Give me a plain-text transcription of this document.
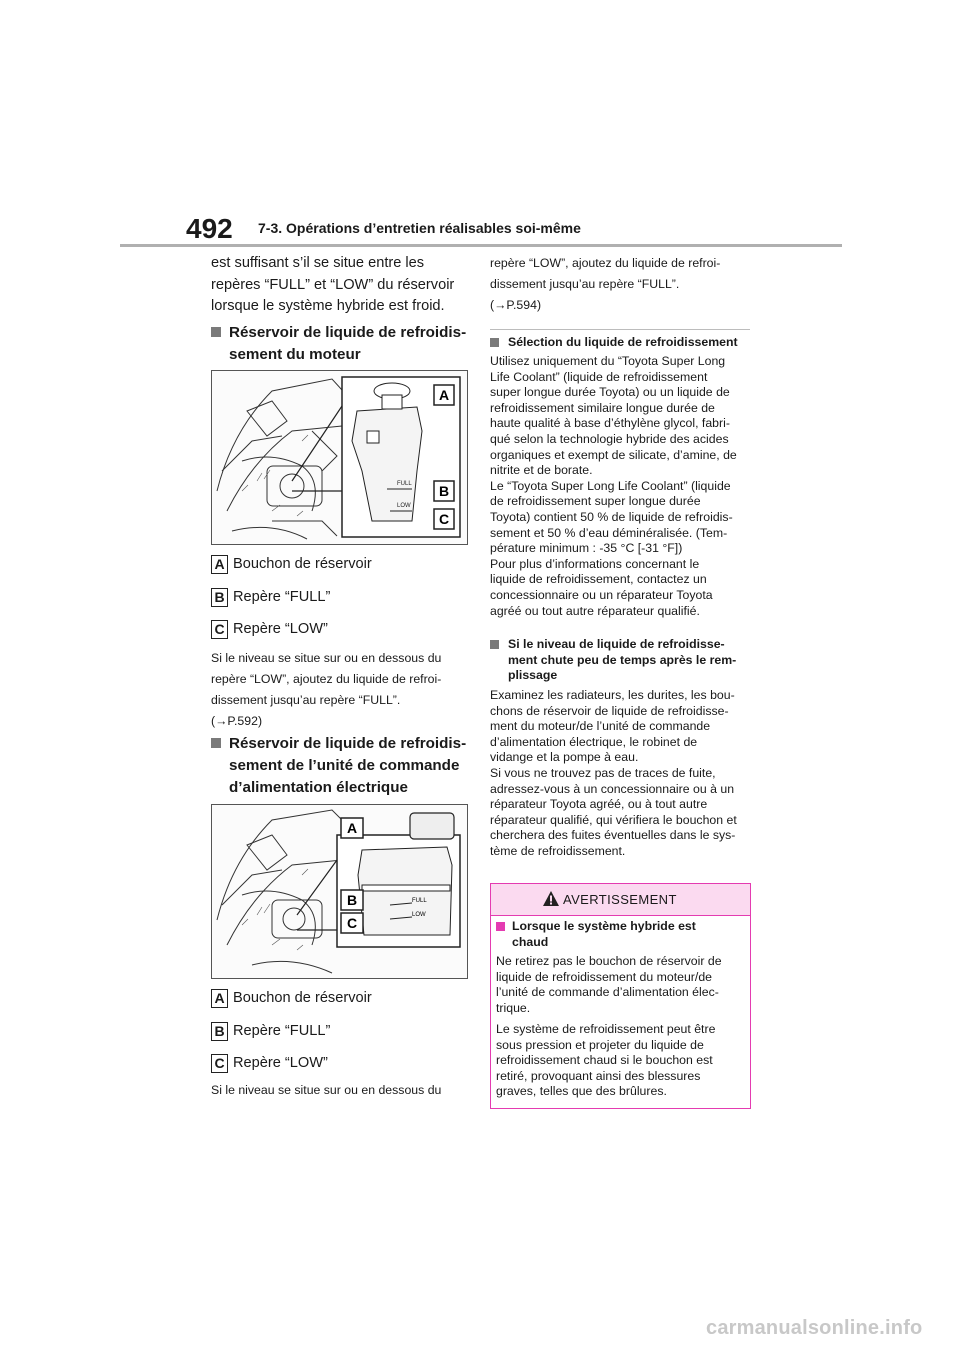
492 7-3. Opérations d’entretien réalisables soi-même
est suffisant s’il se situe entre les
repères “FULL” et “LOW” du réservoir
lorsque le système hybride est froid.
Réservoir de liquide de refroidis-
sement du moteur
FULL
LOW
A
B
C
A Bouchon de réservoir
B Repère “FULL”
C Repère “LOW”
Si le niveau se situe sur ou en dessous du
repère “LOW”, ajoutez du liquide de refroi-
dissement jusqu’au repère “FULL”.
(→P.592)
Réservoir de liquide de refroidis-
sement de l’unité de commande
d’alimentation électrique
FULL
LOW
A
B
C
A Bouchon de réservoir
B Repère “FULL”
C Repère “LOW”
Si le niveau se situe sur ou en dessous du
repère “LOW”, ajoutez du liquide de refroi-
dissement jusqu’au repère “FULL”.
(→P.594)
Sélection du liquide de refroidissement
Utilisez uniquement du “Toyota Super Long
Life Coolant” (liquide de refroidissement
super longue durée Toyota) ou un liquide de
refroidissement similaire longue durée de
haute qualité à base d’éthylène glycol, fabri-
qué selon la technologie hybride des acides
organiques et exempt de silicate, d’amine, de
nitrite et de borate.
Le “Toyota Super Long Life Coolant” (liquide
de refroidissement super longue durée
Toyota) contient 50 % de liquide de refroidis-
sement et 50 % d’eau déminéralisée. (Tem-
pérature minimum : -35 °C [-31 °F])
Pour plus d’informations concernant le
liquide de refroidissement, contactez un
concessionnaire ou un réparateur Toyota
agréé ou tout autre réparateur qualifié.
Si le niveau de liquide de refroidisse-
ment chute peu de temps après le rem-
plissage
Examinez les radiateurs, les durites, les bou-
chons de réservoir de liquide de refroidisse-
ment du moteur/de l’unité de commande
d’alimentation électrique, le robinet de
vidange et la pompe à eau.
Si vous ne trouvez pas de traces de fuite,
adressez-vous à un concessionnaire ou à un
réparateur Toyota agréé, ou à tout autre
réparateur qualifié, qui vérifiera le bouchon et
cherchera des fuites éventuelles dans le sys-
tème de refroidissement.
AVERTISSEMENT
Lorsque le système hybride est
chaud
Ne retirez pas le bouchon de réservoir de
liquide de refroidissement du moteur/de
l’unité de commande d’alimentation élec-
trique.
Le système de refroidissement peut être
sous pression et projeter du liquide de
refroidissement chaud si le bouchon est
retiré, provoquant ainsi des blessures
graves, telles que des brûlures.
carmanualsonline.info
